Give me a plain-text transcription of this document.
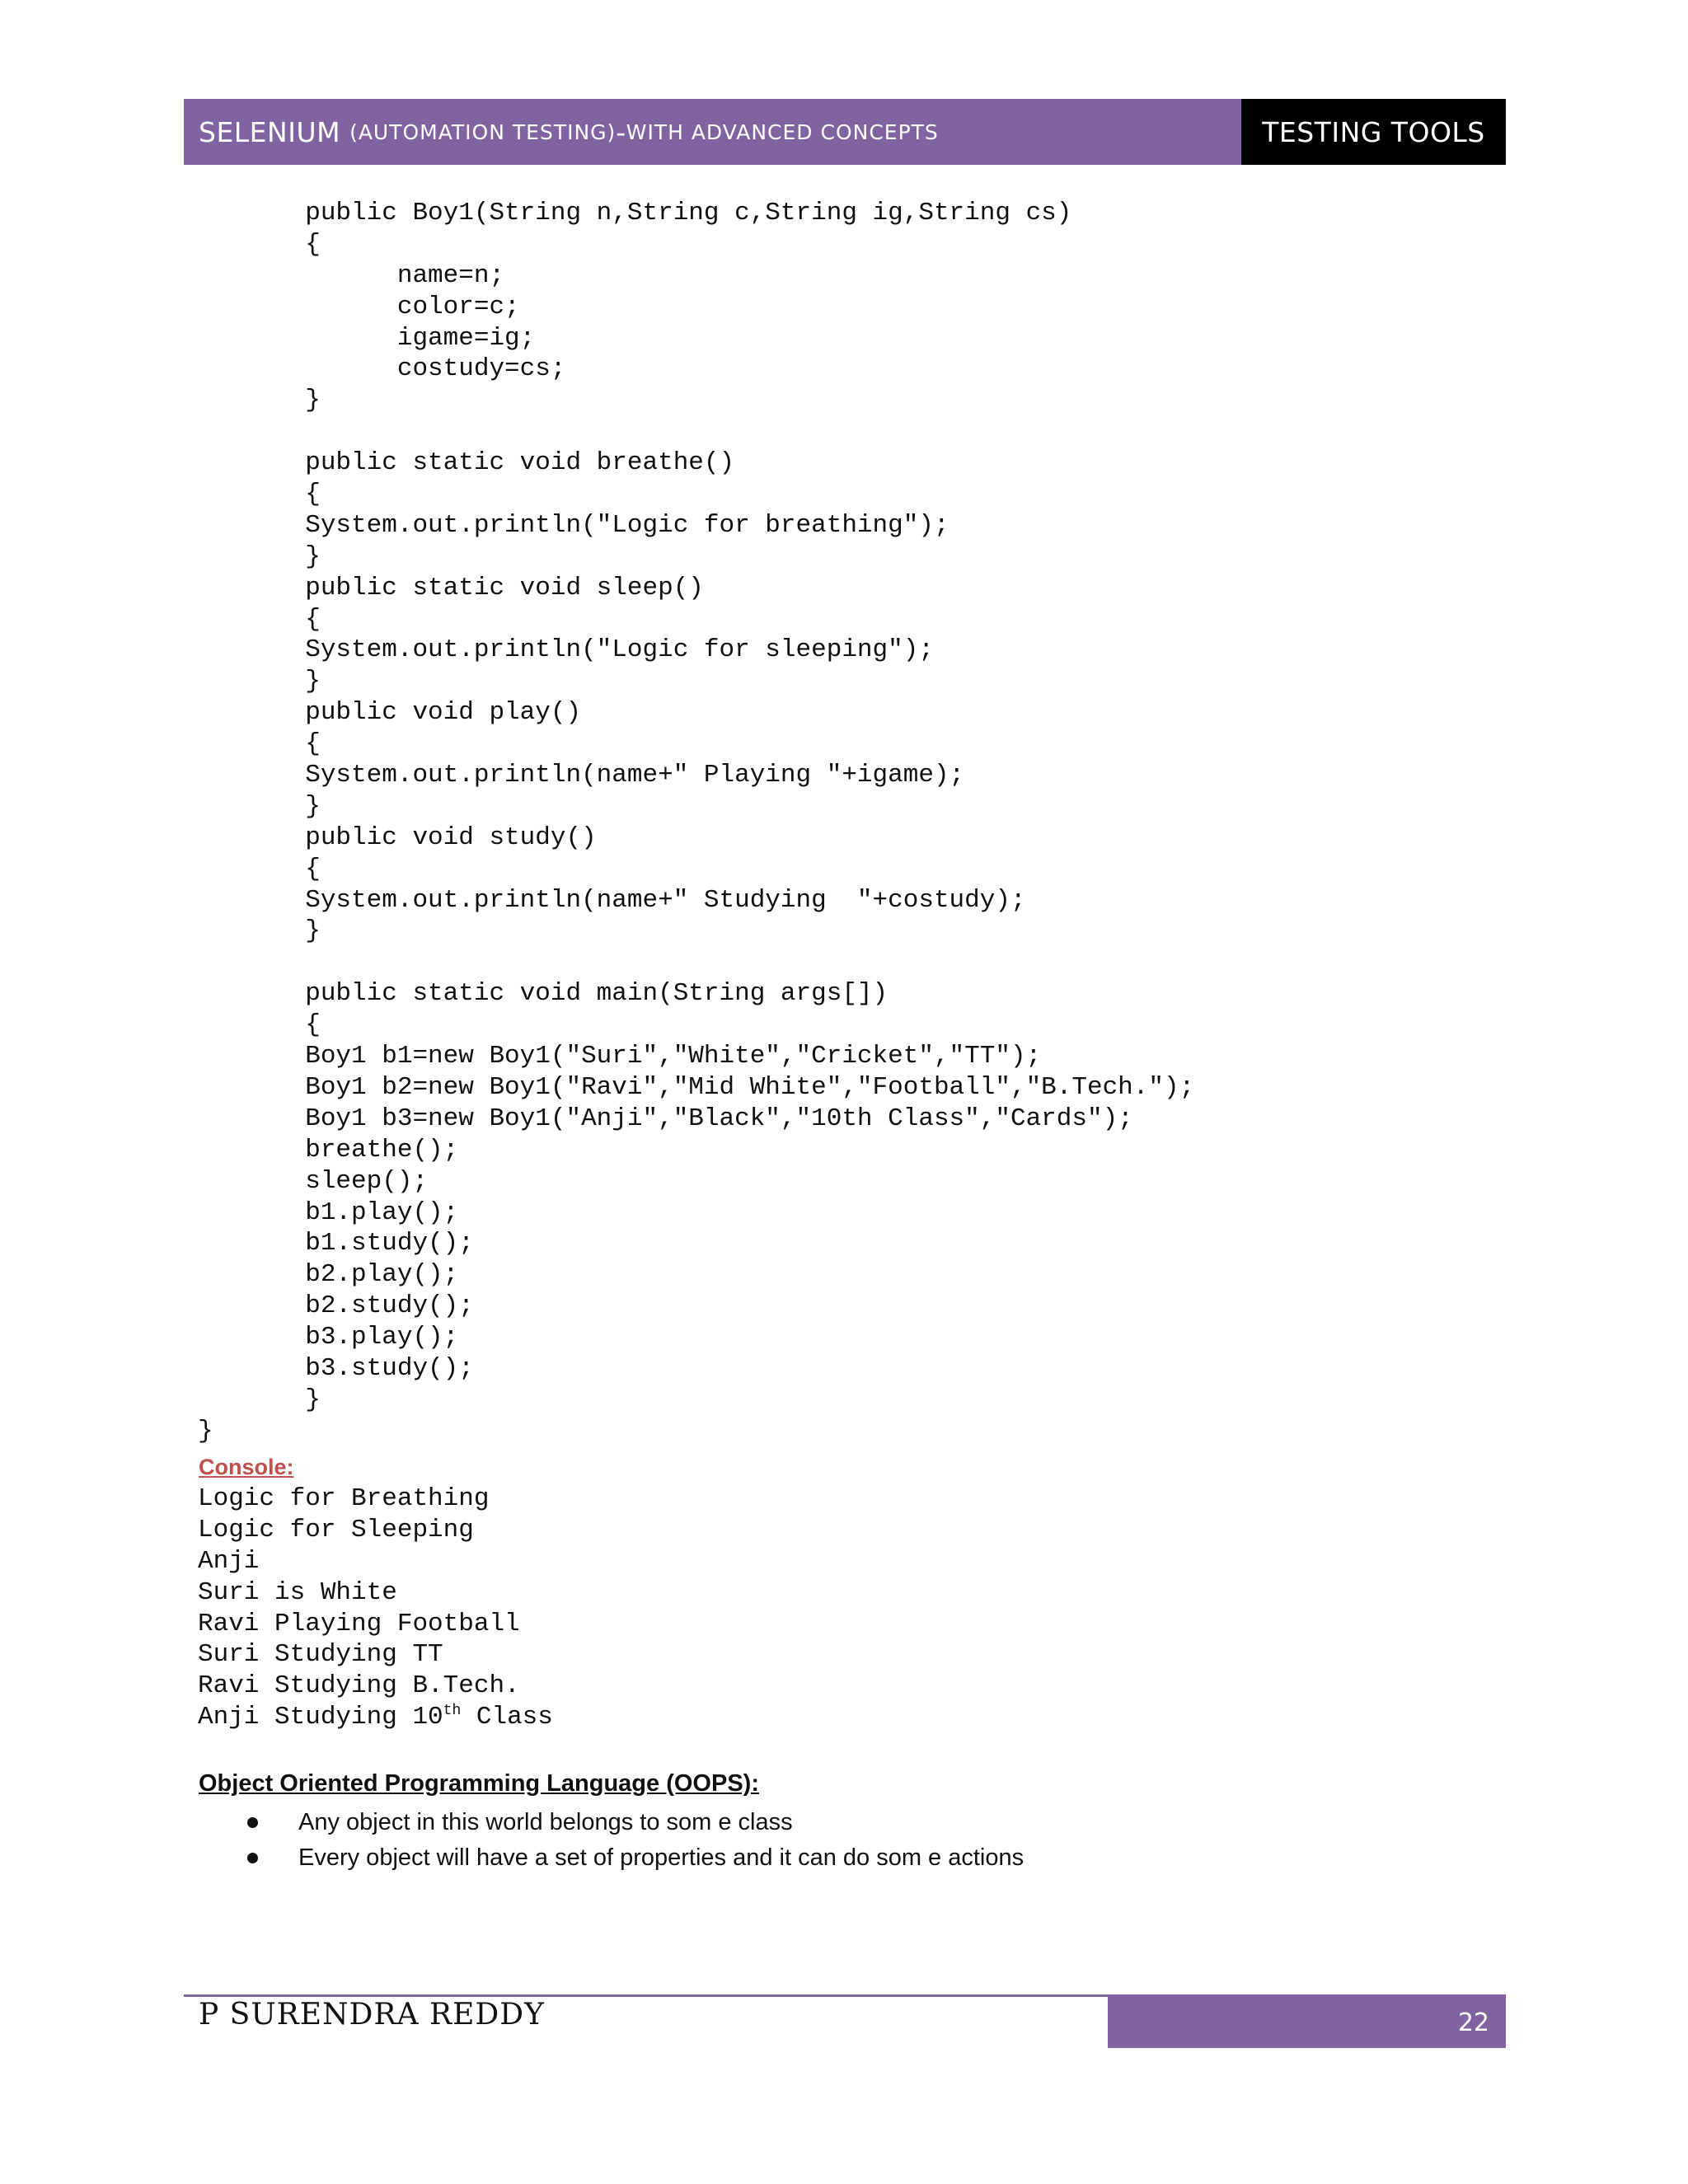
SELENIUM
(AUTOMATION TESTING) - WITH ADVANCED CONCEPTS	TESTING TOOLS
public Boy1(String n,String c,String ig,String cs)
{
name=n;
color=c;
igame=ig;
costudy=cs;
}
public static void breathe()
{
System.out.println("Logic for breathing");
}
public static void sleep()
{
System.out.println("Logic for sleeping");
}
public void play()
{
System.out.println(name+" Playing "+igame);
}
public void study()
{
System.out.println(name+" Studying  "+costudy);
}
public static void main(String args[])
{
Boy1 b1=new Boy1("Suri","White","Cricket","TT");
Boy1 b2=new Boy1("Ravi","Mid White","Football","B.Tech.");
Boy1 b3=new Boy1("Anji","Black","10th Class","Cards");
breathe();
sleep();
b1.play();
b1.study();
b2.play();
b2.study();
b3.play();
b3.study();
}
}
Console:
Logic for Breathing
Logic for Sleeping
Anji
Suri is White
Ravi Playing Football
Suri Studying TT
Ravi Studying B.Tech.
Anji Studying 10th Class
Object Oriented Programming Language (OOPS):
Any object in this world belongs to som e class
Every object will have a set of properties and it can do som e actions
P SURENDRA REDDY	22
